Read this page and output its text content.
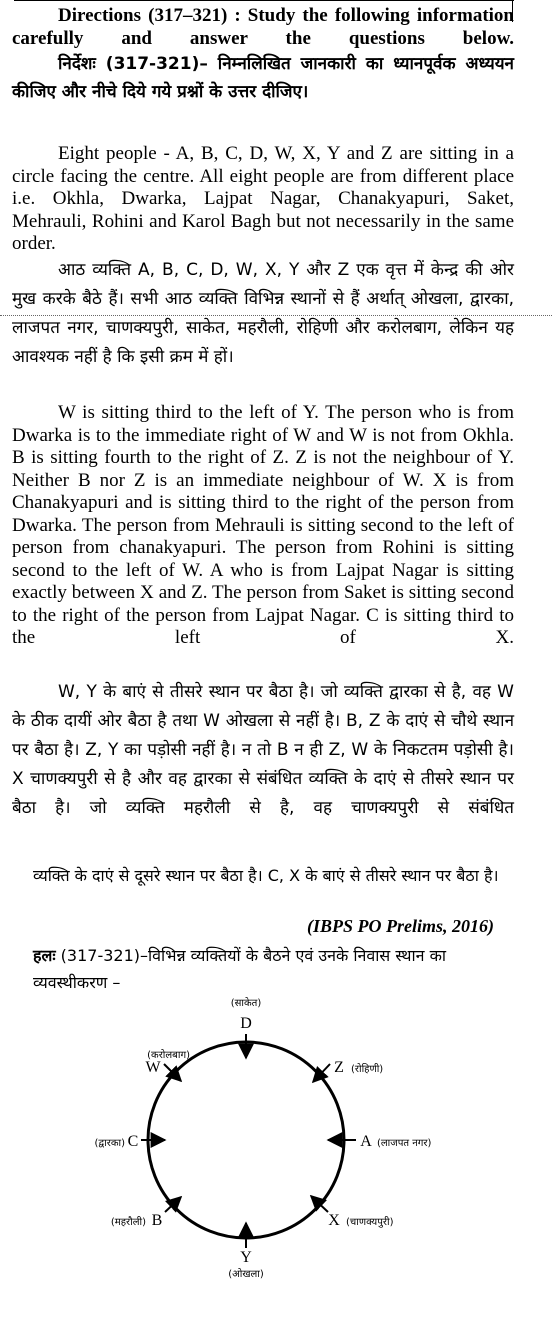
Directions (317–321) : Study the following information carefully and answer the questions below.
निर्देशः (317-321)– निम्नलिखित जानकारी का ध्यानपूर्वक अध्ययन कीजिए और नीचे दिये गये प्रश्नों के उत्तर दीजिए।
Eight people - A, B, C, D, W, X, Y and Z are sitting in a circle facing the centre. All eight people are from different place i.e. Okhla, Dwarka, Lajpat Nagar, Chanakyapuri, Saket, Mehrauli, Rohini and Karol Bagh but not necessarily in the same order.
आठ व्यक्ति A, B, C, D, W, X, Y और Z एक वृत्त में केन्द्र की ओर मुख करके बैठे हैं। सभी आठ व्यक्ति विभिन्न स्थानों से हैं अर्थात् ओखला, द्वारका, लाजपत नगर, चाणक्यपुरी, साकेत, महरौली, रोहिणी और करोलबाग, लेकिन यह आवश्यक नहीं है कि इसी क्रम में हों।
W is sitting third to the left of Y. The person who is from Dwarka is to the immediate right of W and W is not from Okhla. B is sitting fourth to the right of Z. Z is not the neighbour of Y. Neither B nor Z is an immediate neighbour of W. X is from Chanakyapuri and is sitting third to the right of the person from Dwarka. The person from Mehrauli is sitting second to the left of person from chanakyapuri. The person from Rohini is sitting second to the left of W. A who is from Lajpat Nagar is sitting exactly between X and Z. The person from Saket is sitting second to the right of the person from Lajpat Nagar. C is sitting third to the left of X.
W, Y के बाएं से तीसरे स्थान पर बैठा है। जो व्यक्ति द्वारका से है, वह W के ठीक दायीं ओर बैठा है तथा W ओखला से नहीं है। B, Z के दाएं से चौथे स्थान पर बैठा है। Z, Y का पड़ोसी नहीं है। न तो B न ही Z, W के निकटतम पड़ोसी है। X चाणक्यपुरी से है और वह द्वारका से संबंधित व्यक्ति के दाएं से तीसरे स्थान पर बैठा है। जो व्यक्ति महरौली से है, वह चाणक्यपुरी से संबंधित
व्यक्ति के दाएं से दूसरे स्थान पर बैठा है। C, X के बाएं से तीसरे स्थान पर बैठा है।
(IBPS PO Prelims, 2016)
हलः (317-321)–विभिन्न व्यक्तियों के बैठने एवं उनके निवास स्थान का व्यवस्थीकरण –
D
(साकेत)
Z (रोहिणी)
A (लाजपत नगर)
X (चाणक्यपुरी)
Y
(ओखला)
B
(महरौली)
C
(द्वारका)
W
(करोलबाग)
